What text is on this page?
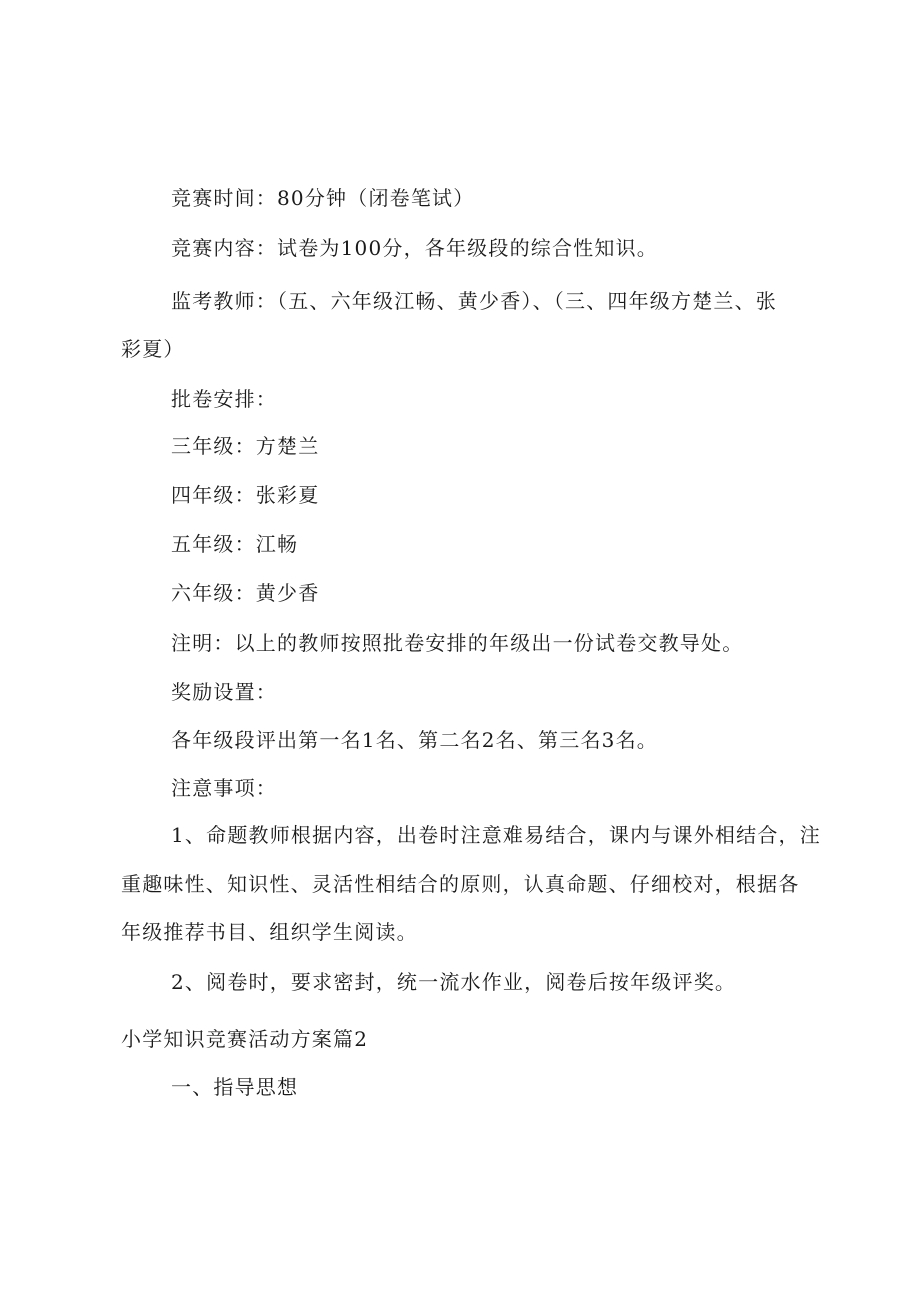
竞赛时间：80分钟（闭卷笔试）
竞赛内容：试卷为100分，各年级段的综合性知识。
监考教师：（五、六年级江畅、黄少香）、（三、四年级方楚兰、张
彩夏）
批卷安排：
三年级：方楚兰
四年级：张彩夏
五年级：江畅
六年级：黄少香
注明：以上的教师按照批卷安排的年级出一份试卷交教导处。
奖励设置：
各年级段评出第一名1名、第二名2名、第三名3名。
注意事项：
1、命题教师根据内容，出卷时注意难易结合，课内与课外相结合，注
重趣味性、知识性、灵活性相结合的原则，认真命题、仔细校对，根据各
年级推荐书目、组织学生阅读。
2、阅卷时，要求密封，统一流水作业，阅卷后按年级评奖。
小学知识竞赛活动方案篇2
一、指导思想
